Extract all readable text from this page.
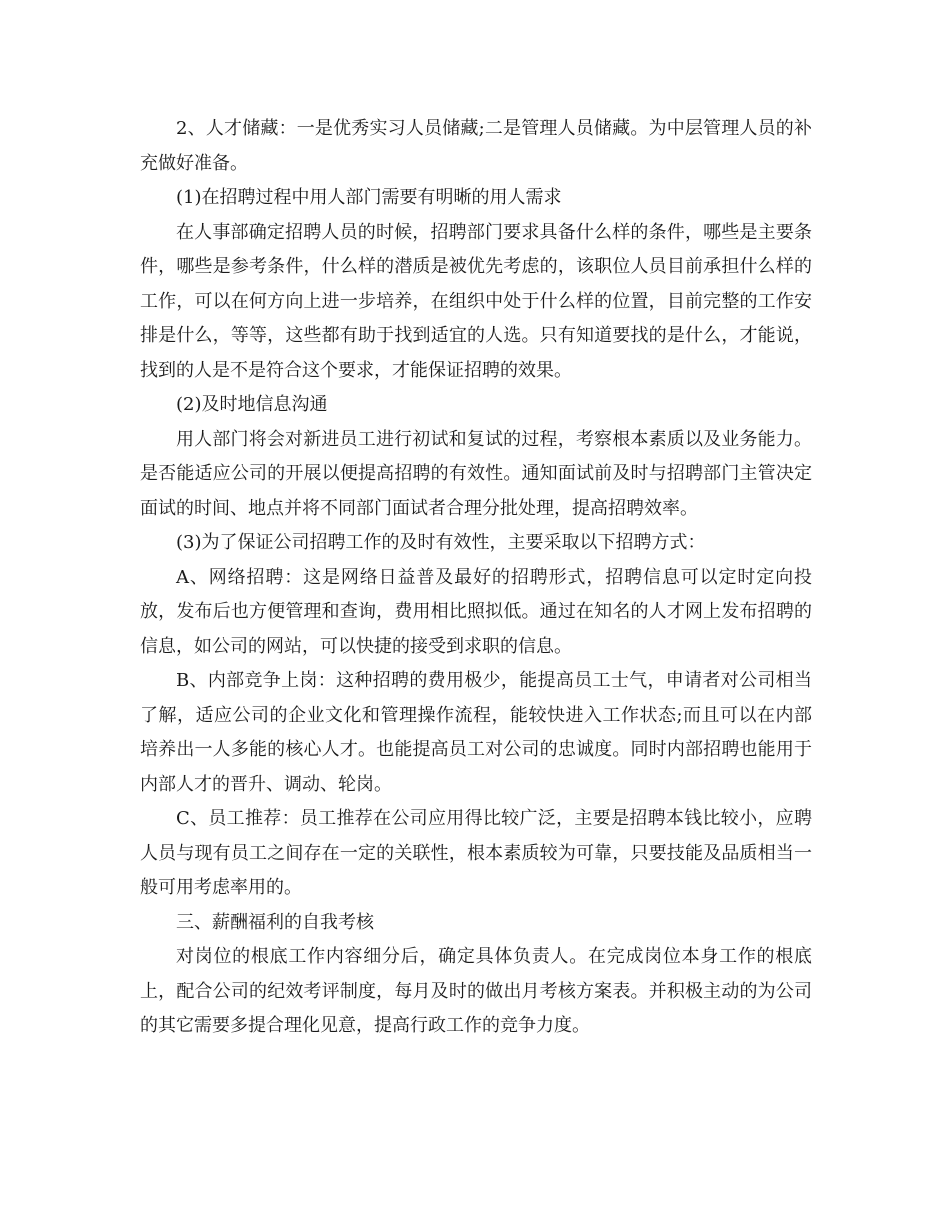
2、人才储藏：一是优秀实习人员储藏;二是管理人员储藏。为中层管理人员的补充做好准备。

(1)在招聘过程中用人部门需要有明晰的用人需求

在人事部确定招聘人员的时候，招聘部门要求具备什么样的条件，哪些是主要条件，哪些是参考条件，什么样的潜质是被优先考虑的，该职位人员目前承担什么样的工作，可以在何方向上进一步培养，在组织中处于什么样的位置，目前完整的工作安排是什么，等等，这些都有助于找到适宜的人选。只有知道要找的是什么，才能说，找到的人是不是符合这个要求，才能保证招聘的效果。

(2)及时地信息沟通

用人部门将会对新进员工进行初试和复试的过程，考察根本素质以及业务能力。是否能适应公司的开展以便提高招聘的有效性。通知面试前及时与招聘部门主管决定面试的时间、地点并将不同部门面试者合理分批处理，提高招聘效率。

(3)为了保证公司招聘工作的及时有效性，主要采取以下招聘方式：

A、网络招聘：这是网络日益普及最好的招聘形式，招聘信息可以定时定向投放，发布后也方便管理和查询，费用相比照拟低。通过在知名的人才网上发布招聘的信息，如公司的网站，可以快捷的接受到求职的信息。

B、内部竞争上岗：这种招聘的费用极少，能提高员工士气，申请者对公司相当了解，适应公司的企业文化和管理操作流程，能较快进入工作状态;而且可以在内部培养出一人多能的核心人才。也能提高员工对公司的忠诚度。同时内部招聘也能用于内部人才的晋升、调动、轮岗。

C、员工推荐：员工推荐在公司应用得比较广泛，主要是招聘本钱比较小，应聘人员与现有员工之间存在一定的关联性，根本素质较为可靠，只要技能及品质相当一般可用考虑率用的。

三、薪酬福利的自我考核

对岗位的根底工作内容细分后，确定具体负责人。在完成岗位本身工作的根底上，配合公司的纪效考评制度，每月及时的做出月考核方案表。并积极主动的为公司的其它需要多提合理化见意，提高行政工作的竞争力度。
